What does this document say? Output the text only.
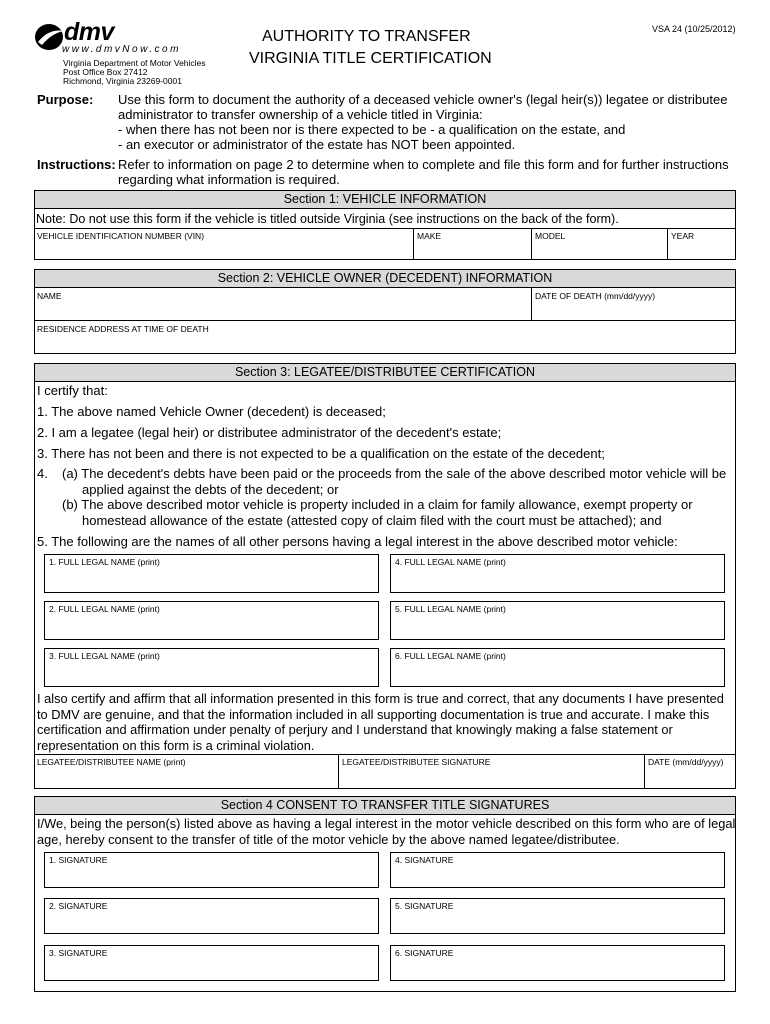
dmv
www.dmvNow.com
Virginia Department of Motor Vehicles
Post Office Box 27412
Richmond, Virginia 23269-0001
AUTHORITY TO TRANSFER
VIRGINIA TITLE CERTIFICATION
VSA 24 (10/25/2012)
Purpose: Use this form to document the authority of a deceased vehicle owner's (legal heir(s)) legatee or distributee
administrator to transfer ownership of a vehicle titled in Virginia:
- when there has not been nor is there expected to be - a qualification on the estate, and
- an executor or administrator of the estate has NOT been appointed.
Instructions: Refer to information on page 2 to determine when to complete and file this form and for further instructions
regarding what information is required.
Section 1: VEHICLE INFORMATION
Note: Do not use this form if the vehicle is titled outside Virginia (see instructions on the back of the form).
VEHICLE IDENTIFICATION NUMBER (VIN)	MAKE	MODEL	YEAR
Section 2: VEHICLE OWNER (DECEDENT) INFORMATION
NAME	DATE OF DEATH (mm/dd/yyyy)
RESIDENCE ADDRESS AT TIME OF DEATH
Section 3: LEGATEE/DISTRIBUTEE CERTIFICATION
I certify that:
1. The above named Vehicle Owner (decedent) is deceased;
2. I am a legatee (legal heir) or distributee administrator of the decedent's estate;
3. There has not been and there is not expected to be a qualification on the estate of the decedent;
4. (a) The decedent's debts have been paid or the proceeds from the sale of the above described motor vehicle will be
applied against the debts of the decedent; or
(b) The above described motor vehicle is property included in a claim for family allowance, exempt property or
homestead allowance of the estate (attested copy of claim filed with the court must be attached); and
5. The following are the names of all other persons having a legal interest in the above described motor vehicle:
1. FULL LEGAL NAME (print)
2. FULL LEGAL NAME (print)
3. FULL LEGAL NAME (print)
4. FULL LEGAL NAME (print)
5. FULL LEGAL NAME (print)
6. FULL LEGAL NAME (print)
I also certify and affirm that all information presented in this form is true and correct, that any documents I have presented
to DMV are genuine, and that the information included in all supporting documentation is true and accurate. I make this
certification and affirmation under penalty of perjury and I understand that knowingly making a false statement or
representation on this form is a criminal violation.
LEGATEE/DISTRIBUTEE NAME (print)	LEGATEE/DISTRIBUTEE SIGNATURE	DATE (mm/dd/yyyy)
Section 4 CONSENT TO TRANSFER TITLE SIGNATURES
I/We, being the person(s) listed above as having a legal interest in the motor vehicle described on this form who are of legal
age, hereby consent to the transfer of title of the motor vehicle by the above named legatee/distributee.
1. SIGNATURE
2. SIGNATURE
3. SIGNATURE
4. SIGNATURE
5. SIGNATURE
6. SIGNATURE
